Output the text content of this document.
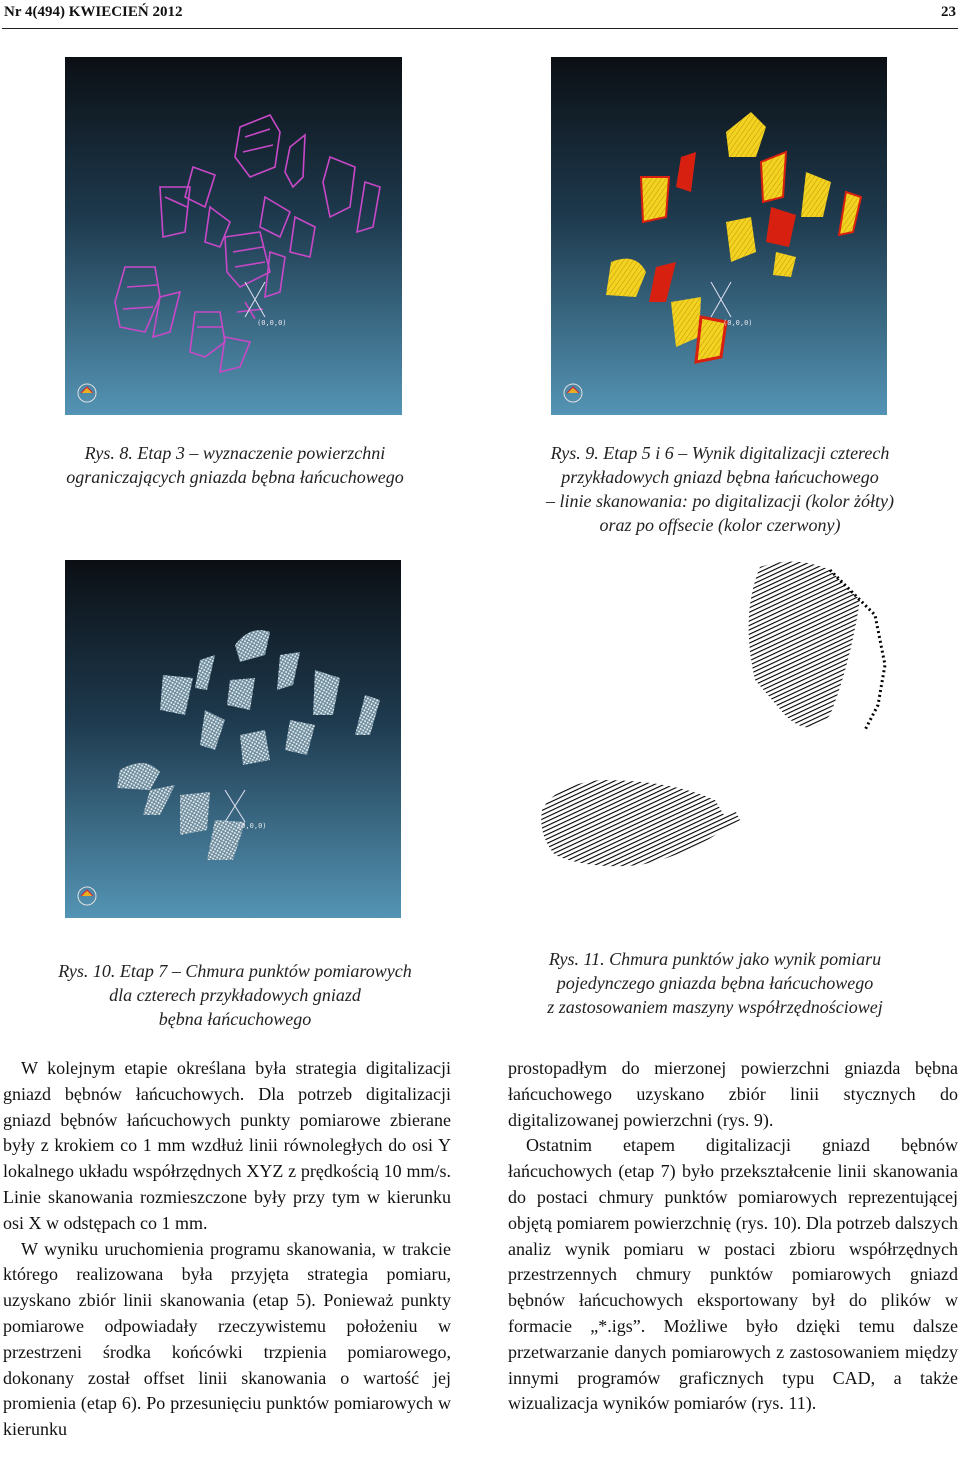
Nr 4(494) KWIECIEŃ 2012	23
(0,0,0)
Rys. 8. Etap 3 – wyznaczenie powierzchni
ograniczających gniazda bębna łańcuchowego
(0,0,0)
Rys. 9. Etap 5 i 6 – Wynik digitalizacji czterech
przykładowych gniazd bębna łańcuchowego
– linie skanowania: po digitalizacji (kolor żółty)
oraz po offsecie (kolor czerwony)
(0,0,0)
Rys. 10. Etap 7 – Chmura punktów pomiarowych
dla czterech przykładowych gniazd
bębna łańcuchowego
Rys. 11. Chmura punktów jako wynik pomiaru
pojedynczego gniazda bębna łańcuchowego
z zastosowaniem maszyny współrzędnościowej

W kolejnym etapie określana była strategia digitalizacji gniazd bębnów łańcuchowych. Dla potrzeb digitalizacji gniazd bębnów łańcuchowych punkty pomiarowe zbierane były z krokiem co 1 mm wzdłuż linii równoległych do osi Y lokalnego układu współrzędnych XYZ z prędkością 10 mm/s. Linie skanowania rozmieszczone były przy tym w kierunku osi X w odstępach co 1 mm.

W wyniku uruchomienia programu skanowania, w trakcie którego realizowana była przyjęta strategia pomiaru, uzyskano zbiór linii skanowania (etap 5). Ponieważ punkty pomiarowe odpowiadały rzeczywistemu położeniu w przestrzeni środka końcówki trzpienia pomiarowego, dokonany został offset linii skanowania o wartość jej promienia (etap 6). Po przesunięciu punktów pomiarowych w kierunku

prostopadłym do mierzonej powierzchni gniazda bębna łańcuchowego uzyskano zbiór linii stycznych do digitalizowanej powierzchni (rys. 9).

Ostatnim etapem digitalizacji gniazd bębnów łańcuchowych (etap 7) było przekształcenie linii skanowania do postaci chmury punktów pomiarowych reprezentującej objętą pomiarem powierzchnię (rys. 10). Dla potrzeb dalszych analiz wynik pomiaru w postaci zbioru współrzędnych przestrzennych chmury punktów pomiarowych gniazd bębnów łańcuchowych eksportowany był do plików w formacie „*.igs”. Możliwe było dzięki temu dalsze przetwarzanie danych pomiarowych z zastosowaniem między innymi programów graficznych typu CAD, a także wizualizacja wyników pomiarów (rys. 11).
